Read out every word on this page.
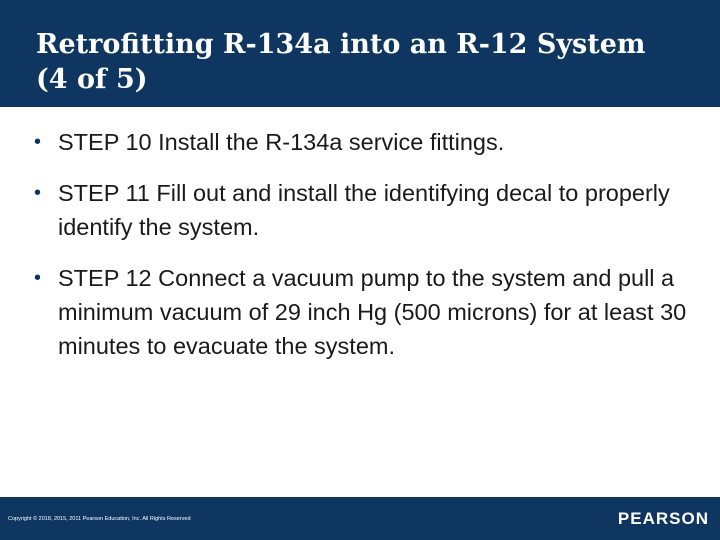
Retrofitting R-134a into an R-12 System (4 of 5)
• STEP 10 Install the R-134a service fittings.
• STEP 11 Fill out and install the identifying decal to properly identify the system.
• STEP 12 Connect a vacuum pump to the system and pull a minimum vacuum of 29 inch Hg (500 microns) for at least 30 minutes to evacuate the system.
Copyright © 2018, 2015, 2011 Pearson Education, Inc. All Rights Reserved	PEARSON
